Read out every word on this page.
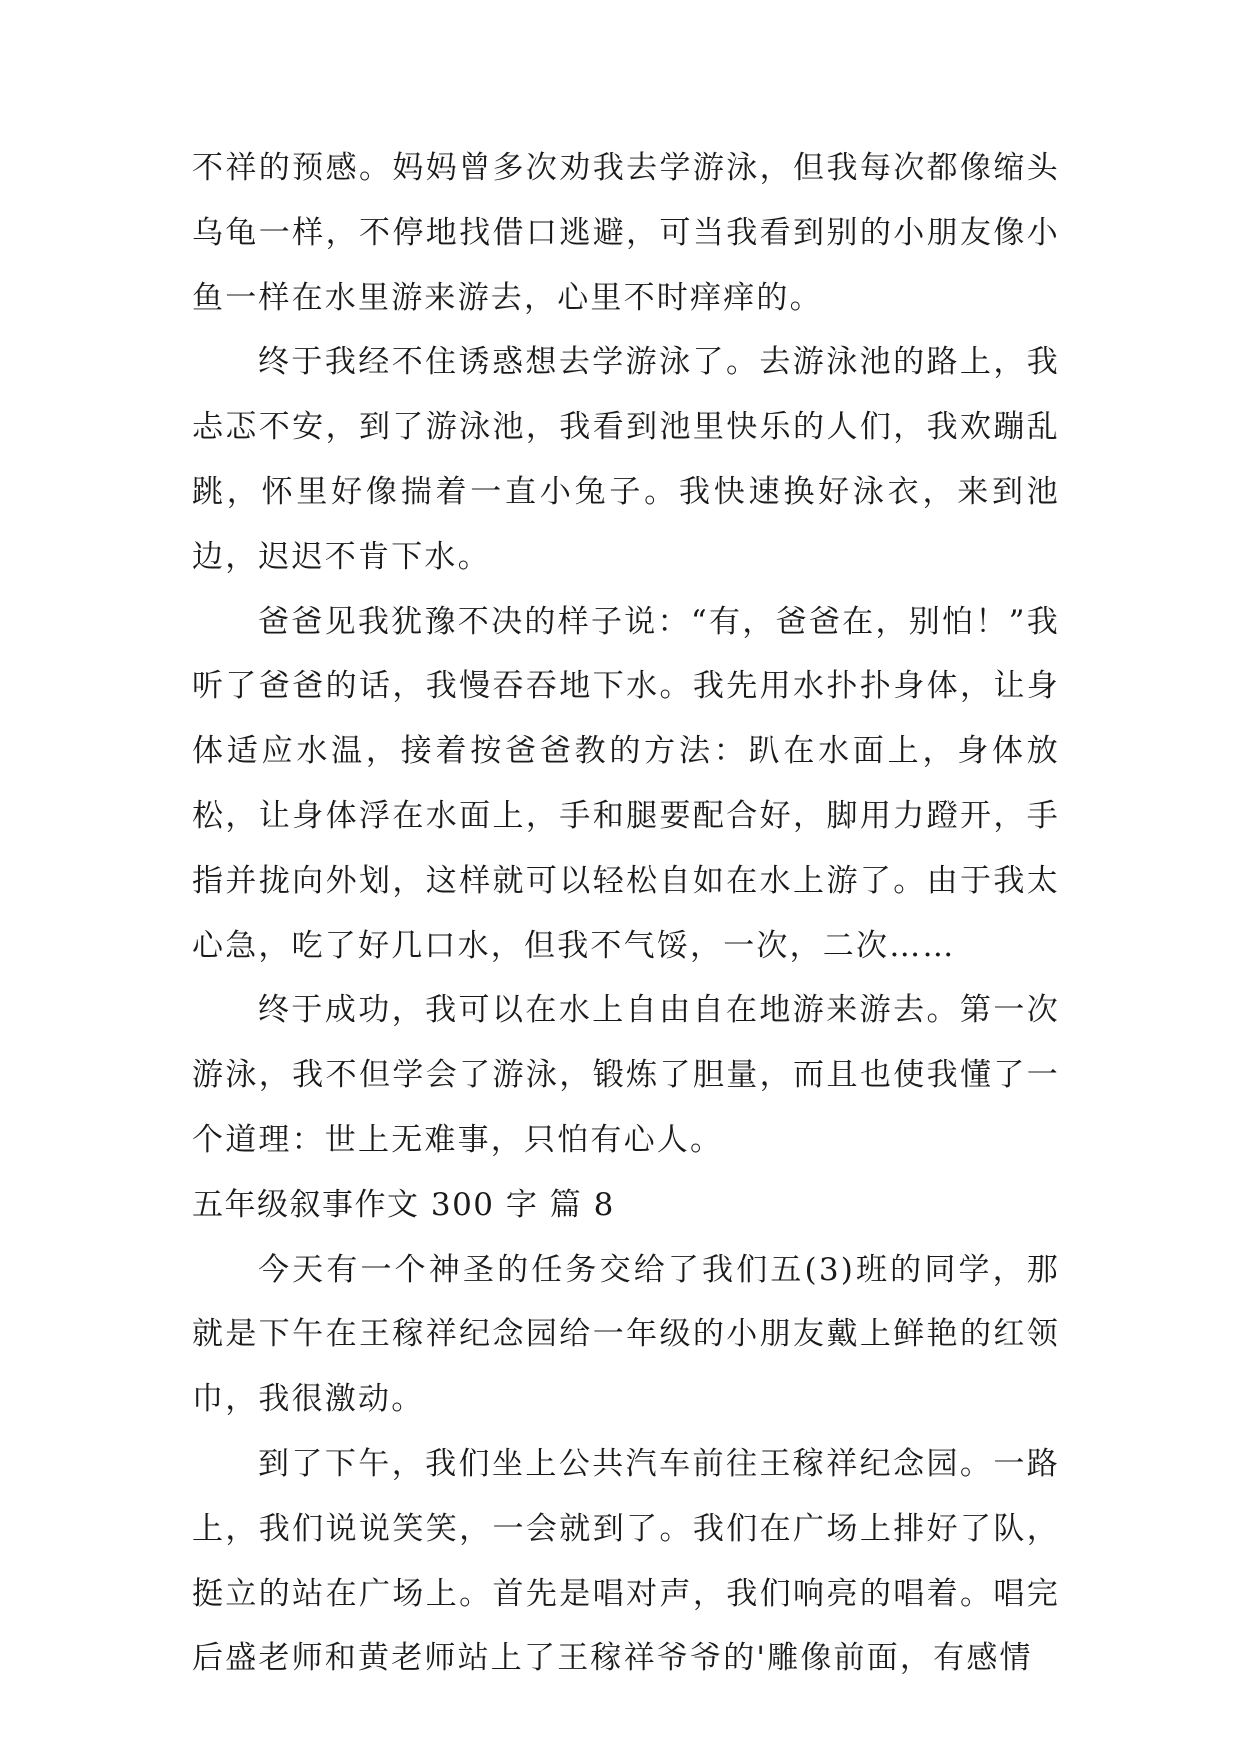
不祥的预感。妈妈曾多次劝我去学游泳，但我每次都像缩头乌龟一样，不停地找借口逃避，可当我看到别的小朋友像小鱼一样在水里游来游去，心里不时痒痒的。

终于我经不住诱惑想去学游泳了。去游泳池的路上，我忐忑不安，到了游泳池，我看到池里快乐的人们，我欢蹦乱跳，怀里好像揣着一直小兔子。我快速换好泳衣，来到池边，迟迟不肯下水。

爸爸见我犹豫不决的样子说：“有，爸爸在，别怕！”我听了爸爸的话，我慢吞吞地下水。我先用水扑扑身体，让身体适应水温，接着按爸爸教的方法：趴在水面上，身体放松，让身体浮在水面上，手和腿要配合好，脚用力蹬开，手指并拢向外划，这样就可以轻松自如在水上游了。由于我太心急，吃了好几口水，但我不气馁，一次，二次……

终于成功，我可以在水上自由自在地游来游去。第一次游泳，我不但学会了游泳，锻炼了胆量，而且也使我懂了一个道理：世上无难事，只怕有心人。

五年级叙事作文 300 字 篇 8

今天有一个神圣的任务交给了我们五(3)班的同学，那就是下午在王稼祥纪念园给一年级的小朋友戴上鲜艳的红领巾，我很激动。

到了下午，我们坐上公共汽车前往王稼祥纪念园。一路上，我们说说笑笑，一会就到了。我们在广场上排好了队，挺立的站在广场上。首先是唱对声，我们响亮的唱着。唱完后盛老师和黄老师站上了王稼祥爷爷的'雕像前面，有感情
